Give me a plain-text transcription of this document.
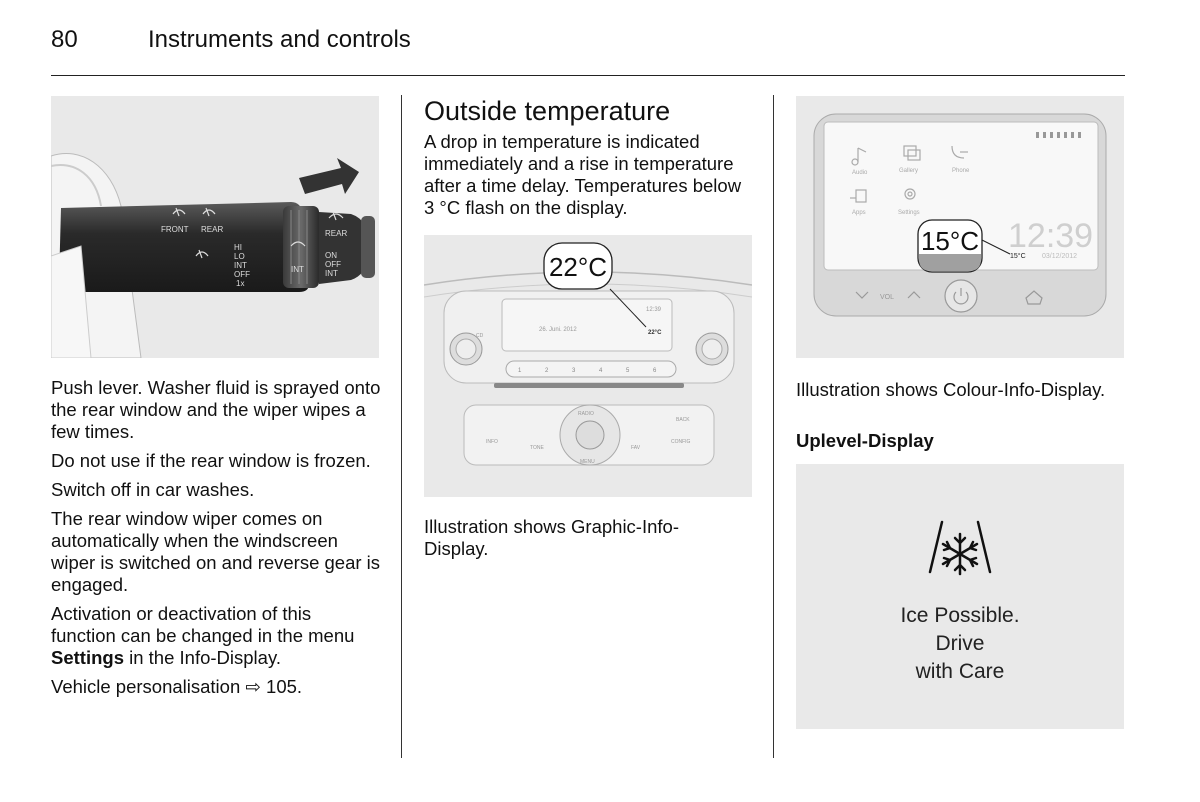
80	Instruments and controls
FRONT REAR
HI
LO
INT
OFF
1x
INT
REAR
ON
OFF
INT

Push lever. Washer fluid is sprayed onto the rear window and the wiper wipes a few times.

Do not use if the rear window is frozen.

Switch off in car washes.

The rear window wiper comes on automatically when the windscreen wiper is switched on and reverse gear is engaged.

Activation or deactivation of this function can be changed in the menu Settings in the Info-Display.

Vehicle personalisation ⇨ 105.

Outside temperature
A drop in temperature is indicated immediately and a rise in temperature after a time delay. Temperatures below 3 °C flash on the display.
26. Juni. 2012
12:39
22°C
1	2	3	4	5	6
INFO
TONE
RADIO
MENU
FAV
CONFIG
BACK
CD
22°C
Illustration shows Graphic-Info-Display.
Audio	Gallery	Phone
Apps	Settings
12:39
15°C 03/12/2012
15°C
VOL
Illustration shows Colour-Info-Display.
Uplevel-Display
Ice Possible.
Drive
with Care
